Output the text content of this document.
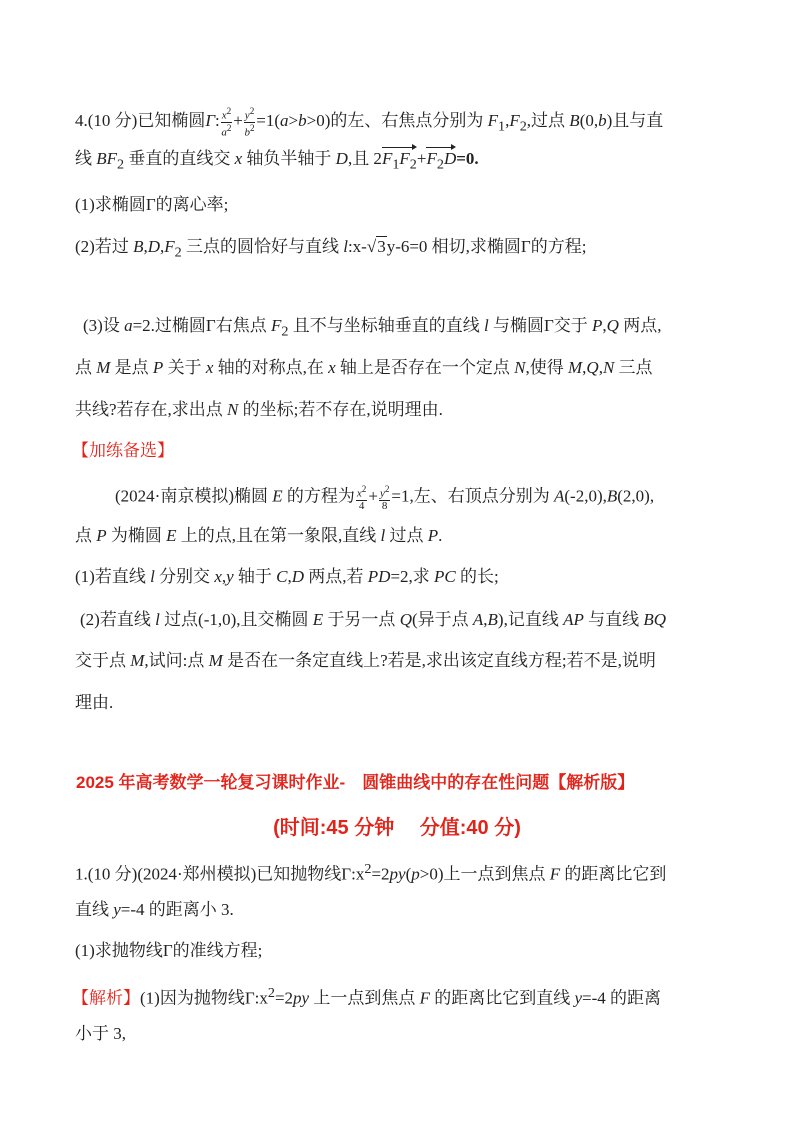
4.(10 分)已知椭圆Γ: $\frac{x^2}{a^2} + \frac{y^2}{b^2} =1(a>b>0)$的左、右焦点分别为 $F_1,F_2$,过点 B(0,b)且与直
线 $BF_2$ 垂直的直线交 x 轴负半轴于 D,且 $2F_1F_2+F_2D=0$.
(1)求椭圆Γ的离心率;
(2)若过 $B,D,F_2$ 三点的圆恰好与直线 l:x-√3y-6=0 相切,求椭圆Γ的方程;
(3)设 a=2.过椭圆Γ右焦点 $F_2$ 且不与坐标轴垂直的直线 l 与椭圆Γ交于 P,Q 两点,
点 M 是点 P 关于 x 轴的对称点,在 x 轴上是否存在一个定点 N,使得 M,Q,N 三点
共线?若存在,求出点 N 的坐标;若不存在,说明理由.
【加练备选】
(2024·南京模拟)椭圆 E 的方程为 $\frac{x^2}{4} + \frac{y^2}{8} =1$,左、右顶点分别为 A(-2,0),B(2,0),
点 P 为椭圆 E 上的点,且在第一象限,直线 l 过点 P.
(1)若直线 l 分别交 x,y 轴于 C,D 两点,若 PD=2,求 PC 的长;
(2)若直线 l 过点(-1,0),且交椭圆 E 于另一点 Q(异于点 A,B),记直线 AP 与直线 BQ
交于点 M,试问:点 M 是否在一条定直线上?若是,求出该定直线方程;若不是,说明
理由.
2025 年高考数学一轮复习课时作业-　圆锥曲线中的存在性问题【解析版】
(时间:45 分钟　 分值:40 分)
1.(10 分)(2024·郑州模拟)已知抛物线$\Gamma:x^2=2py(p>0)$上一点到焦点 F 的距离比它到
直线 y=-4 的距离小 3.
(1)求抛物线Γ的准线方程;
【解析】(1)因为抛物线$\Gamma:x^2=2py$ 上一点到焦点 F 的距离比它到直线 y=-4 的距离
小于 3,
